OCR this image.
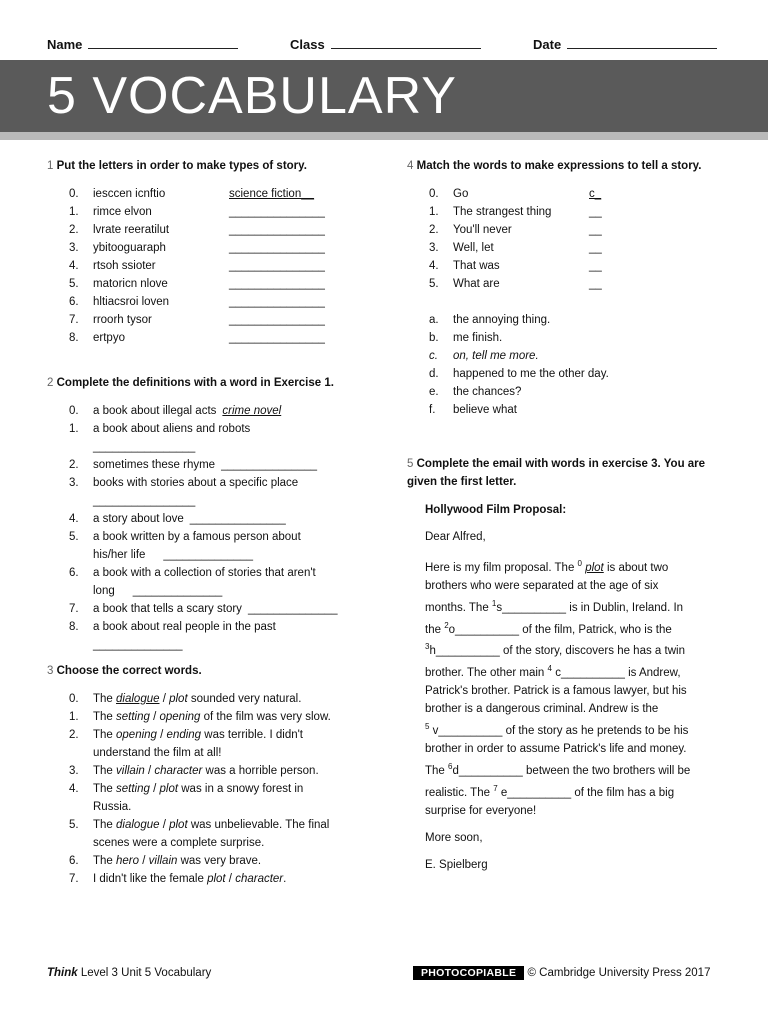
Name	Class	Date
5 VOCABULARY

1 Put the letters in order to make types of story.

0.	iesccen icnftio	science fiction__
1.	rimce elvon	_______________
2.	lvrate reeratilut	_______________
3.	ybitooguaraph	_______________
4.	rtsoh ssioter	_______________
5.	matoricn nlove	_______________
6.	hltiacsroi loven	_______________
7.	rroorh tysor	_______________
8.	ertpyo	_______________

2 Complete the definitions with a word in Exercise 1.

0.	a book about illegal acts crime novel
1.	a book about aliens and robots
________________
2.	sometimes these rhyme _______________
3.	books with stories about a specific place
________________
4.	a story about love _______________
5.	a book written by a famous person about
his/her life ______________
6.	a book with a collection of stories that aren't
long ______________
7.	a book that tells a scary story ______________
8.	a book about real people in the past
______________

3 Choose the correct words.

0.	The dialogue / plot sounded very natural.
1.	The setting / opening of the film was very slow.
2.	The opening / ending was terrible. I didn't
understand the film at all!
3.	The villain / character was a horrible person.
4.	The setting / plot was in a snowy forest in
Russia.
5.	The dialogue / plot was unbelievable. The final
scenes were a complete surprise.
6.	The hero / villain was very brave.
7.	I didn't like the female plot / character.

4 Match the words to make expressions to tell a story.

0.	Go	c_
1.	The strangest thing	__
2.	You'll never	__
3.	Well, let	__
4.	That was	__
5.	What are	__
a.	the annoying thing.
b.	me finish.
c.	on, tell me more.
d.	happened to me the other day.
e.	the chances?
f.	believe what

5 Complete the email with words in exercise 3. You are

given the first letter.

Hollywood Film Proposal:

Dear Alfred,

Here is my film proposal. The $^0$ plot is about two

brothers who were separated at the age of six

months. The $^1$s__________ is in Dublin, Ireland. In

the $^2$o__________ of the film, Patrick, who is the

$^3$h__________ of the story, discovers he has a twin

brother. The other main $^4$ c__________ is Andrew,

Patrick's brother. Patrick is a famous lawyer, but his

brother is a dangerous criminal. Andrew is the

$^5$ v__________ of the story as he pretends to be his

brother in order to assume Patrick's life and money.

The $^6$d__________ between the two brothers will be

realistic. The $^7$ e__________ of the film has a big

surprise for everyone!

More soon,

E. Spielberg

Think Level 3 Unit 5 Vocabulary	PHOTOCOPIABLE © Cambridge University Press 2017
